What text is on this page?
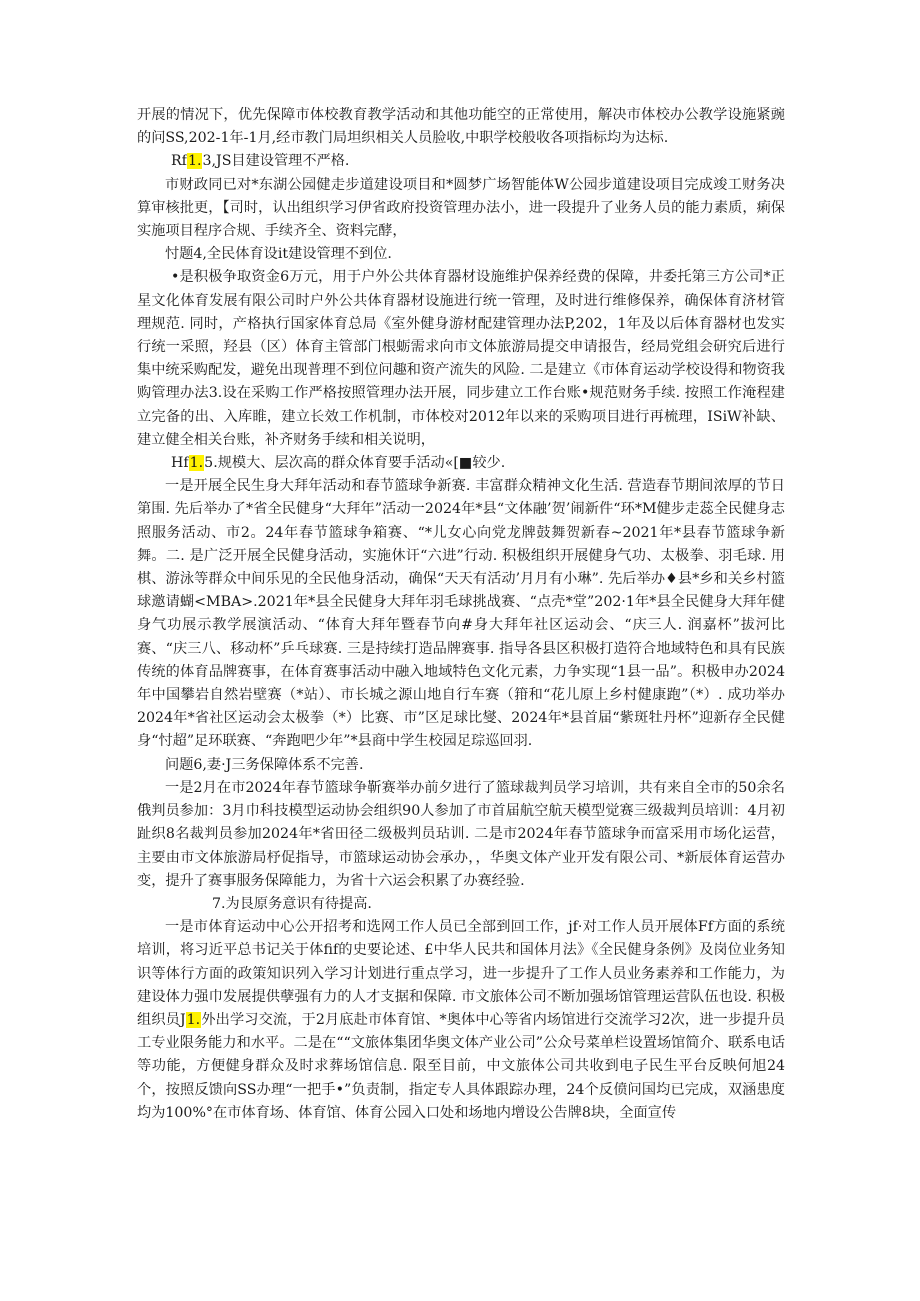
开展的情况下，优先保障市体校教育教学活动和其他功能空的正常使用，解决市体校办公教学设施紧豌的问SS,202-1年-1月,经市教门局坦织相关人员脸收,中职学校般收各项指标均为达标.

Rf1.3,JS目建设管理不严格.

市财政同已对*东湖公园健走步道建设项目和*圆梦广场智能体W公园步道建设项目完成竣工财务决算审核批更，【司时，认出组织学习伊省政府投资管理办法小，进一段提升了业务人员的能力素质，痢保实施项目程序合规、手续齐全、资料完酵，

忖题4,全民体育设it建设管理不到位.

•是积极争取资金6万元，用于户外公共体育器材设施维护保养经费的保障，井委托第三方公司*正星文化体育发展有限公司时户外公共体育器材设施进行统一管理，及时进行维修保养，确保体育济材管理规范. 同时，产格执行国家体育总局《室外健身游材配建管理办法P,202，1年及以后体育器材也发实行统一采照，羟县（区）体育主管部门根蛎需求向市文体旅游局提交申请报告，经局党组会研究后进行集中统采购配发，避免出现普理不到位问趣和资产流失的风险. 二是建立《市体育运动学校设得和物资我购管理办法3.设在采购工作严格按照管理办法开展，同步建立工作台账•规范财务手续. 按照工作淹程建立完备的出、入库睢，建立长效工作机制，市体校对2012年以来的采购项目进行再梳理，ISiW补缺、建立健全相关台账，补齐财务手续和相关说明，

Hf1.5.规模大、层次高的群众体育要手活动«[■较少.

一是开展全民生身大拜年活动和春节篮球争新赛. 丰富群众精神文化生活. 营造春节期间浓厚的节日第围. 先后举办了*省全民健身“大拜年”活动一2024年*县“文体融’贺’闹新件“环*M健步走蕊全民健身志照服务活动、市2。24年春节篮球争箱赛、“*儿女心向党龙牌鼓舞贺新春~2021年*县春节篮球争新舞。二. 是广泛开展全民健身活动，实施休讦“六进”行动. 积极组织开展健身气功、太极拳、羽毛球. 用棋、游泳等群众中间乐见的全民他身活动，确保“天天有活动’月月有小琳”. 先后举办♦县*乡和关乡村篮球邀请蝴<MBA>.2021年*县全民健身大拜年羽毛球挑战赛、“点壳*堂”202·1年*县全民健身大拜年健身气功展示教学展演活动、“体育大拜年暨春节向#身大拜年社区运动会、“庆三人. 润嘉杯”拔河比赛、“庆三八、移动杯”乒乓球赛. 三是持续打造品牌赛事. 指导各县区积极打造符合地域特色和具有民族传统的体育品牌赛事，在体育赛事活动中融入地域特色文化元素，力争实现“1县一品”。积极申办2024年中国攀岩自然岩壁赛（*站）、市长城之源山地自行车赛（箝和“花儿原上乡村健康跑”（*）. 成功举办2024年*省社区运动会太极拳（*）比赛、市”区足球比燮、2024年*县首届“紫斑牡丹杯”迎新存全民健身“忖超”足环联赛、“奔跑吧少年”*县商中学生校园足琮巡回羽.

问题6,妻·J三务保障体系不完善.

一是2月在市2024年春节篮球争靳赛举办前夕进行了篮球裁判员学习培训，共有来自全市的50余名俄判员参加：3月巾科技模型运动协会组织90人参加了市首届航空航天模型觉赛三级裁判员培训：4月初趾织8名裁判员参加2024年*省田径二级极判员玷训. 二是市2024年春节篮球争而富采用市场化运营，主要由市文体旅游局杼促指导，市篮球运动协会承办，，华奥文体产业开发有限公司、*新辰体育运营办变，提升了赛事服务保障能力，为省十六运会积累了办赛经验.

7.为艮原务意识有待提高.

一是市体育运动中心公开招考和选网工作人员已全部到回工作，jf·对工作人员开展体Ff方面的系统培训，将习近平总书记关于体fif的史要论述、£中华人民共和国体月法》《全民健身条例》及岗位业务知识等体行方面的政策知识列入学习计划进行重点学习，进一步提升了工作人员业务素养和工作能力，为建设体力强巾发展提供孽强有力的人才支据和保障. 市文旅体公司不断加强场馆管理运营队伍也设. 积极组织员J1.外出学习交流，于2月底赴市体育馆、*奥体中心等省内场馆进行交流学习2次，进一步提升员工专业限务能力和水平。二是在““文旅体集团华奥文体产业公司”公众号菜单栏设置场馆简介、联系电话等功能，方便健身群众及时求葬场馆信息. 限至目前，中文旅体公司共收到电子民生平台反映何旭24个，按照反馈向SS办理“一把手•”负责制，指定专人具体跟踪办理，24个反偾问国均已完成，双涵患度均为100%°在市体育场、体育馆、体育公园入口处和场地内增设公告牌8块，全面宣传
